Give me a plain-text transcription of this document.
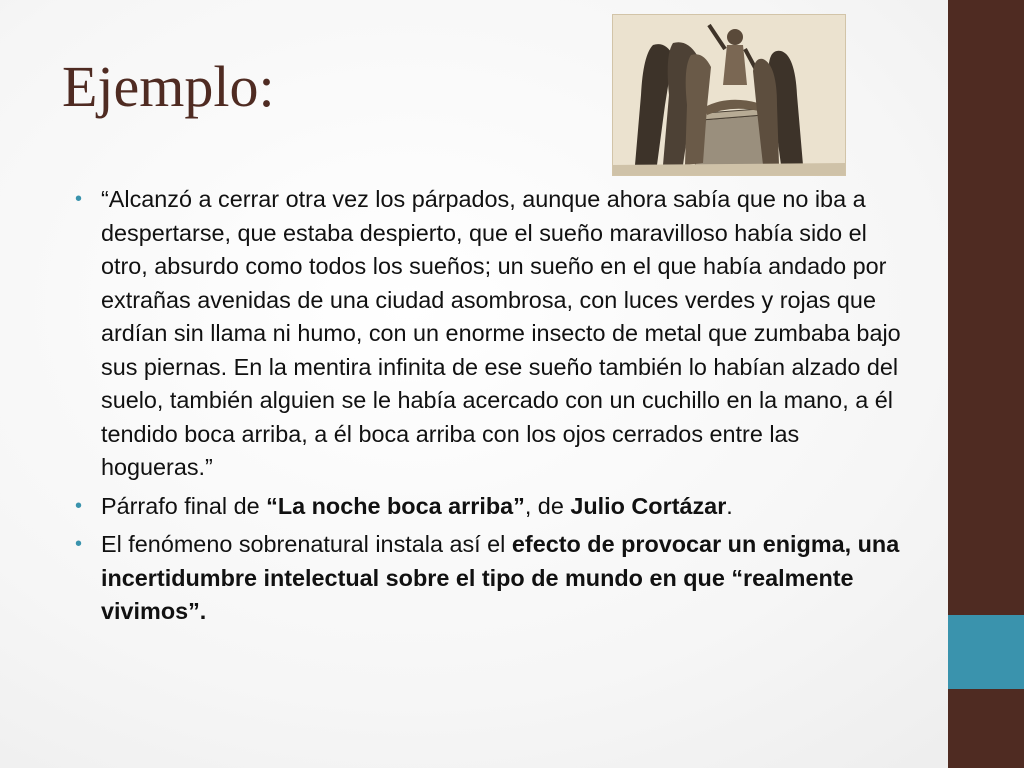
Ejemplo:
• “Alcanzó a cerrar otra vez los párpados, aunque ahora sabía que no iba a despertarse, que estaba despierto, que el sueño maravilloso había sido el otro, absurdo como todos los sueños; un sueño en el que había andado por extrañas avenidas de una ciudad asombrosa, con luces verdes y rojas que ardían sin llama ni humo, con un enorme insecto de metal que zumbaba bajo sus piernas. En la mentira infinita de ese sueño también lo habían alzado del suelo, también alguien se le había acercado con un cuchillo en la mano, a él tendido boca arriba, a él boca arriba con los ojos cerrados entre las hogueras.”
• Párrafo final de “La noche boca arriba”, de Julio Cortázar.
• El fenómeno sobrenatural instala así el efecto de provocar un enigma, una incertidumbre intelectual sobre el tipo de mundo en que “realmente vivimos”.
